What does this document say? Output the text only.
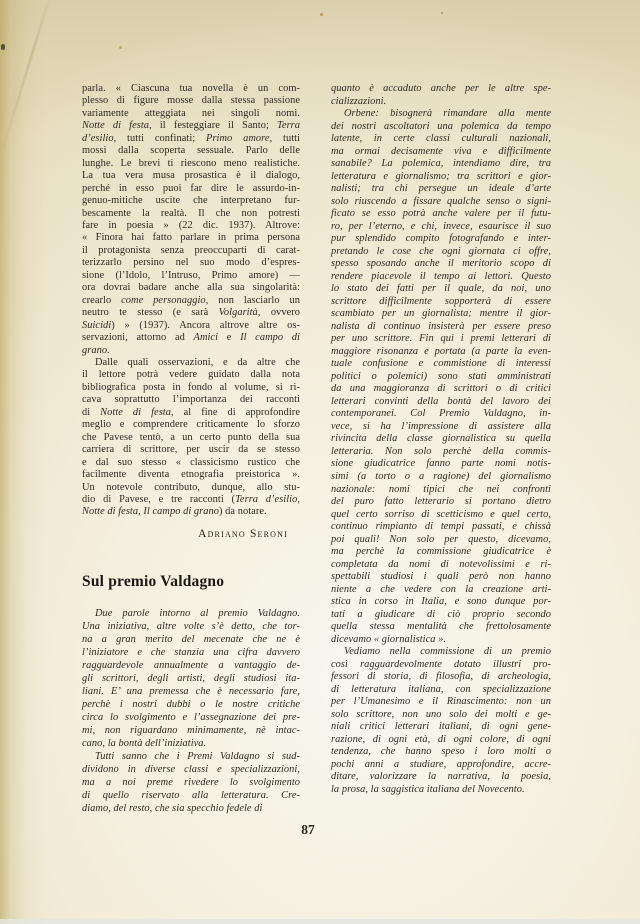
parla. « Ciascuna tua novella è un com-
plesso di figure mosse dalla stessa passione
variamente atteggiata nei singoli nomi.
Notte di festa, il festeggiare il Santo; Terra
d’esilio, tutti confinati; Primo amore, tutti
mossi dalla scoperta sessuale. Parlo delle
lunghe. Le brevi ti riescono meno realistiche.
La tua vera musa prosastica è il dialogo,
perché in esso puoi far dire le assurdo-in-
genuo-mitiche uscite che interpretano fur-
bescamente la realtà. Il che non potresti
fare in poesia » (22 dic. 1937). Altrove:
« Finora hai fatto parlare in prima persona
il protagonista senza preoccuparti di carat-
terizzarlo persino nel suo modo d’espres-
sione (l’Idolo, l’Intruso, Primo amore) —
ora dovrai badare anche alla sua singolarità:
crearlo come personaggio, non lasciarlo un
neutro te stesso (e sarà Volgarità, ovvero
Suicidi) » (1937). Ancora altrove altre os-
servazioni, attorno ad Amici e Il campo di
grano.
Dalle quali osservazioni, e da altre che
il lettore potrà vedere guidato dalla nota
bibliografica posta in fondo al volume, si ri-
cava soprattutto l’importanza dei racconti
di Notte di festa, al fine di approfondire
meglio e comprendere criticamente lo sforzo
che Pavese tentò, a un certo punto della sua
carriera di scrittore, per uscir da se stesso
e dal suo stesso « classicismo rustico che
facilmente diventa etnografia preistorica ».
Un notevole contributo, dunque, allo stu-
dio di Pavese, e tre racconti (Terra d’esilio,
Notte di festa, Il campo di grano) da notare.
Adriano Seroni
Sul premio Valdagno
Due parole intorno al premio Valdagno.
Una iniziativa, altre volte s’è detto, che tor-
na a gran merito del mecenate che ne è
l’iniziatore e che stanzia una cifra davvero
ragguardevole annualmente a vantaggio de-
gli scrittori, degli artisti, degli studiosi ita-
liani. E’ una premessa che è necessario fare,
perchè i nostri dubbi o le nostre critiche
circa lo svolgimento e l’assegnazione dei pre-
mi, non riguardano minimamente, nè intac-
cano, la bontà dell’iniziativa.
Tutti sanno che i Premi Valdagno si sud-
dividono in diverse classi e specializzazioni,
ma a noi preme rivedere lo svolgimento
di quello riservato alla letteratura. Cre-
diamo, del resto, che sia specchio fedele di
quanto è accaduto anche per le altre spe-
cializzazioni.
Orbene: bisognerà rimandare alla mente
dei nostri ascoltatori una polemica da tempo
latente, in certe classi culturali nazionali,
ma ormai decisamente viva e difficilmente
sanabile? La polemica, intendiamo dire, tra
letteratura e giornalismo; tra scrittori e gior-
nalisti; tra chi persegue un ideale d’arte
solo riuscendo a fissare qualche senso o signi-
ficato se esso potrà anche valere per il futu-
ro, per l’eterno, e chi, invece, esaurisce il suo
pur splendido compito fotografando e inter-
pretando le cose che ogni giornata ci offre,
spesso sposando anche il meritorio scopo di
rendere piacevole il tempo ai lettori. Questo
lo stato dei fatti per il quale, da noi, uno
scrittore difficilmente sopporterà di essere
scambiato per un giornalista; mentre il gior-
nalista di continuo insisterà per essere preso
per uno scrittore. Fin qui i premi letterari di
maggiore risonanza e portata (a parte la even-
tuale confusione e commistione di interessi
politici o polemici) sono stati amministrati
da una maggioranza di scrittori o di critici
letterari convinti della bontà del lavoro dei
contemporanei. Col Premio Valdagno, in-
vece, si ha l’impressione di assistere alla
rivincita della classe giornalistica su quella
letteraria. Non solo perchè della commis-
sione giudicatrice fanno parte nomi notis-
simi (a torto o a ragione) del giornalismo
nazionale: nomi tipici che nei confronti
del puro fatto letterario si portano dietro
quel certo sorriso di scetticismo e quel certo,
continuo rimpianto di tempi passati, e chissà
poi quali! Non solo per questo, dicevamo,
ma perchè la commissione giudicatrice è
completata da nomi di notevolissimi e ri-
spettabili studiosi i quali però non hanno
niente a che vedere con la creazione arti-
stica in corso in Italia, e sono dunque por-
tati a giudicare di ciò proprio secondo
quella stessa mentalità che frettolosamente
dicevamo « giornalistica ».
Vediamo nella commissione di un premio
così ragguardevolmente dotato illustri pro-
fessori di storia, di filosofia, di archeologia,
di letteratura italiana, con specializzazione
per l’Umanesimo e il Rinascimento: non un
solo scrittore, non uno solo dei molti e ge-
niali critici letterari italiani, di ogni gene-
razione, di ogni età, di ogni colore, di ogni
tendenza, che hanno speso i loro molti o
pochi anni a studiare, approfondire, accre-
ditare, valorizzare la narrativa, la poesia,
la prosa, la saggistica italiana del Novecento.
87
